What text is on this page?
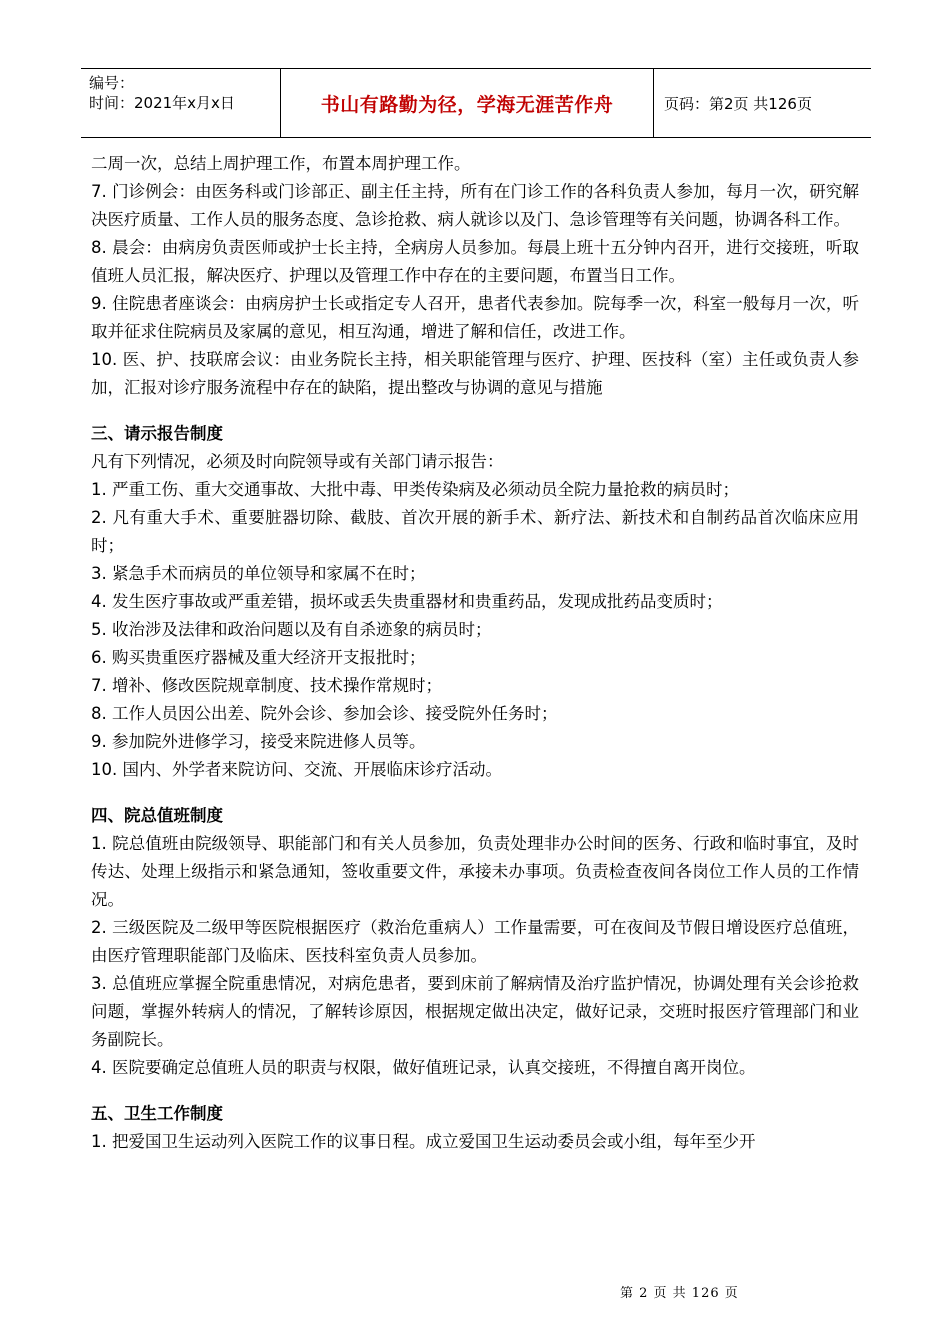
编号：
时间：2021年x月x日	书山有路勤为径，学海无涯苦作舟	页码：第2页 共126页

二周一次，总结上周护理工作，布置本周护理工作。

7. 门诊例会：由医务科或门诊部正、副主任主持，所有在门诊工作的各科负责人参加，每月一次，研究解决医疗质量、工作人员的服务态度、急诊抢救、病人就诊以及门、急诊管理等有关问题，协调各科工作。

8. 晨会：由病房负责医师或护士长主持，全病房人员参加。每晨上班十五分钟内召开，进行交接班，听取值班人员汇报，解决医疗、护理以及管理工作中存在的主要问题，布置当日工作。

9. 住院患者座谈会：由病房护士长或指定专人召开，患者代表参加。院每季一次，科室一般每月一次，听取并征求住院病员及家属的意见，相互沟通，增进了解和信任，改进工作。

10. 医、护、技联席会议：由业务院长主持，相关职能管理与医疗、护理、医技科（室）主任或负责人参加，汇报对诊疗服务流程中存在的缺陷，提出整改与协调的意见与措施

三、请示报告制度

凡有下列情况，必须及时向院领导或有关部门请示报告：

1. 严重工伤、重大交通事故、大批中毒、甲类传染病及必须动员全院力量抢救的病员时；

2. 凡有重大手术、重要脏器切除、截肢、首次开展的新手术、新疗法、新技术和自制药品首次临床应用时；

3. 紧急手术而病员的单位领导和家属不在时；

4. 发生医疗事故或严重差错，损坏或丢失贵重器材和贵重药品，发现成批药品变质时；

5. 收治涉及法律和政治问题以及有自杀迹象的病员时；

6. 购买贵重医疗器械及重大经济开支报批时；

7. 增补、修改医院规章制度、技术操作常规时；

8. 工作人员因公出差、院外会诊、参加会诊、接受院外任务时；

9. 参加院外进修学习，接受来院进修人员等。

10. 国内、外学者来院访问、交流、开展临床诊疗活动。

四、院总值班制度

1. 院总值班由院级领导、职能部门和有关人员参加，负责处理非办公时间的医务、行政和临时事宜，及时传达、处理上级指示和紧急通知，签收重要文件，承接未办事项。负责检查夜间各岗位工作人员的工作情况。

2. 三级医院及二级甲等医院根据医疗（救治危重病人）工作量需要，可在夜间及节假日增设医疗总值班，由医疗管理职能部门及临床、医技科室负责人员参加。

3. 总值班应掌握全院重患情况，对病危患者，要到床前了解病情及治疗监护情况，协调处理有关会诊抢救问题，掌握外转病人的情况，了解转诊原因，根据规定做出决定，做好记录，交班时报医疗管理部门和业务副院长。

4. 医院要确定总值班人员的职责与权限，做好值班记录，认真交接班，不得擅自离开岗位。

五、卫生工作制度

1. 把爱国卫生运动列入医院工作的议事日程。成立爱国卫生运动委员会或小组，每年至少开

第 2 页 共 126 页
